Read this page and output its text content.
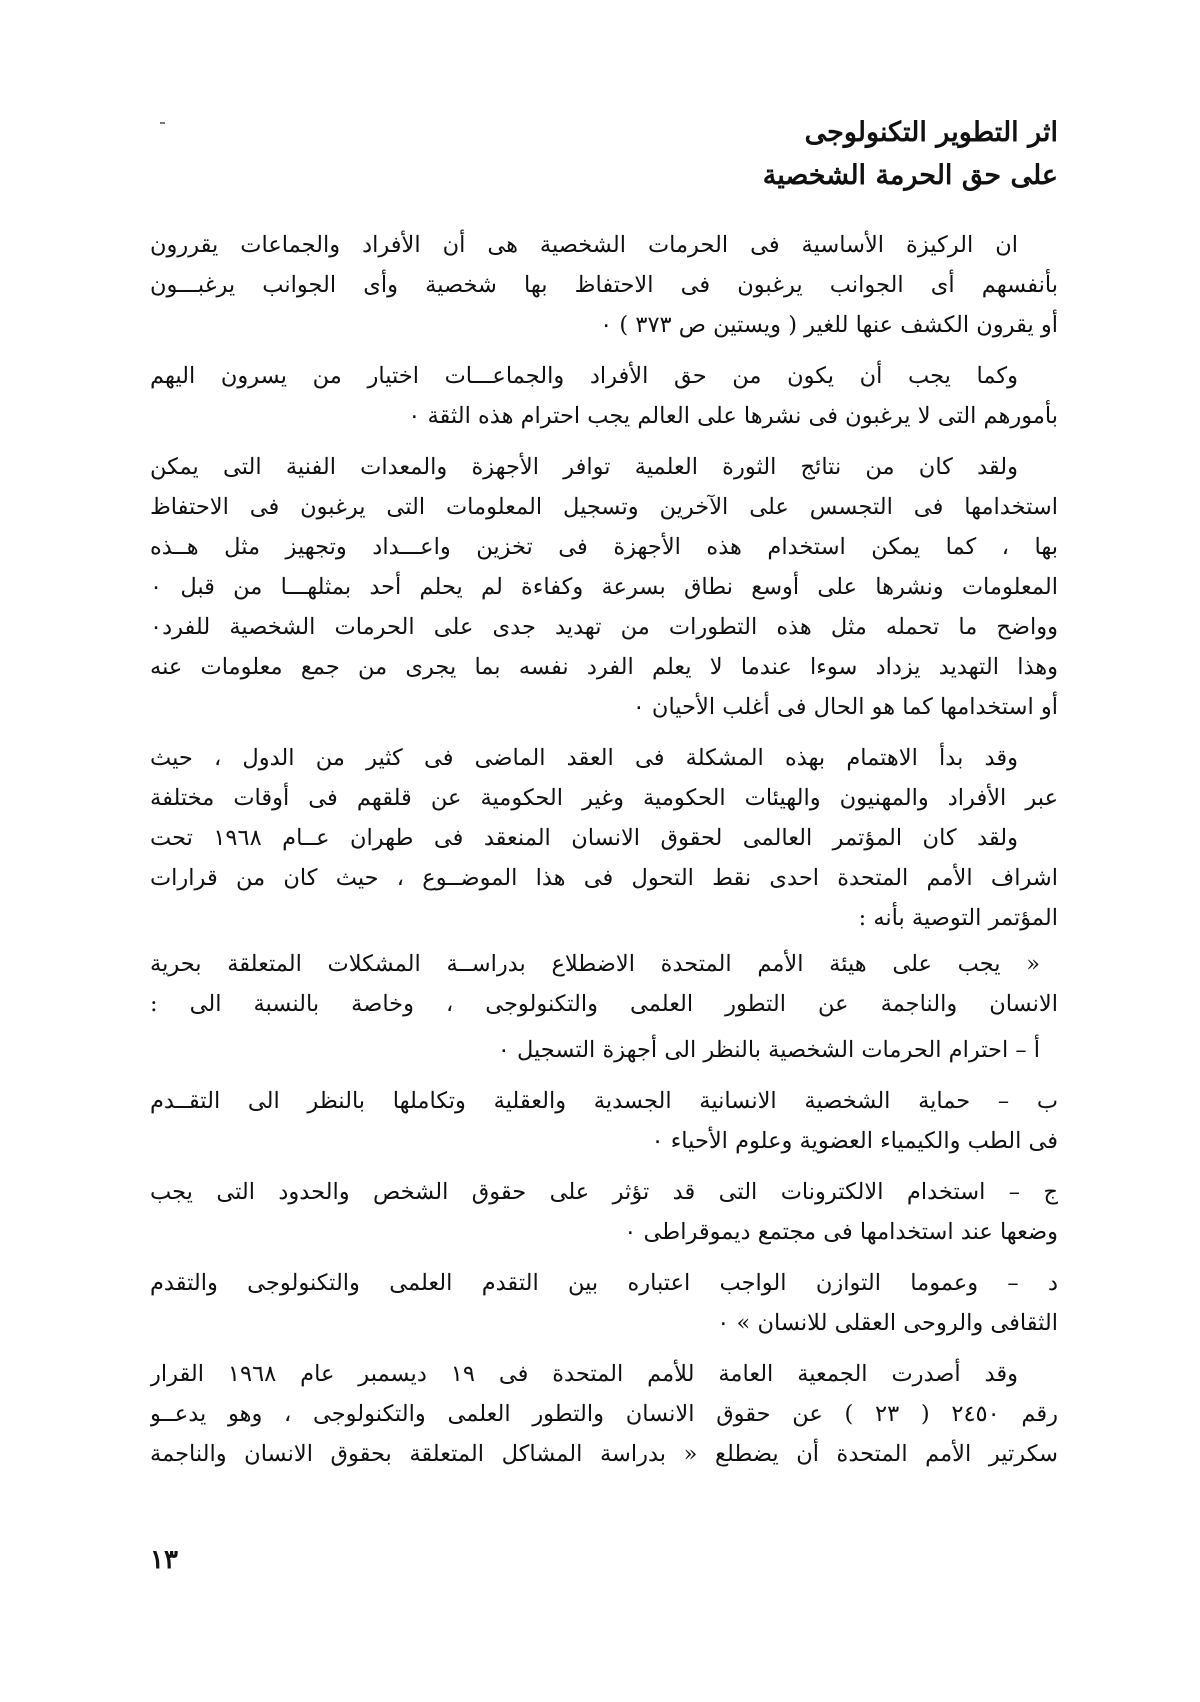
اثر التطوير التكنولوجى
على حق الحرمة الشخصية
ان الركيزة الأساسية فى الحرمات الشخصية هى أن الأفراد والجماعات يقررون
بأنفسهم أى الجوانب يرغبون فى الاحتفاظ بها شخصية وأى الجوانب يرغبـــون
أو يقرون الكشف عنها للغير ( ويستين ص ٣٧٣ ) ٠
وكما يجب أن يكون من حق الأفراد والجماعـــات اختيار من يسرون اليهم
بأمورهم التى لا يرغبون فى نشرها على العالم يجب احترام هذه الثقة ٠
ولقد كان من نتائج الثورة العلمية توافر الأجهزة والمعدات الفنية التى يمكن
استخدامها فى التجسس على الآخرين وتسجيل المعلومات التى يرغبون فى الاحتفاظ
بها ، كما يمكن استخدام هذه الأجهزة فى تخزين واعـــداد وتجهيز مثل هــذه
المعلومات ونشرها على أوسع نطاق بسرعة وكفاءة لم يحلم أحد بمثلهـــا من قبل ٠
وواضح ما تحمله مثل هذه التطورات من تهديد جدى على الحرمات الشخصية للفرد٠
وهذا التهديد يزداد سوءا عندما لا يعلم الفرد نفسه بما يجرى من جمع معلومات عنه
أو استخدامها كما هو الحال فى أغلب الأحيان ٠
وقد بدأ الاهتمام بهذه المشكلة فى العقد الماضى فى كثير من الدول ، حيث
عبر الأفراد والمهنيون والهيئات الحكومية وغير الحكومية عن قلقهم فى أوقات مختلفة
ولقد كان المؤتمر العالمى لحقوق الانسان المنعقد فى طهران عــام ١٩٦٨ تحت
اشراف الأمم المتحدة احدى نقط التحول فى هذا الموضــوع ، حيث كان من قرارات
المؤتمر التوصية بأنه :
« يجب على هيئة الأمم المتحدة الاضطلاع بدراســة المشكلات المتعلقة بحرية
الانسان والناجمة عن التطور العلمى والتكنولوجى ، وخاصة بالنسبة الى :
أ – احترام الحرمات الشخصية بالنظر الى أجهزة التسجيل ٠
ب – حماية الشخصية الانسانية الجسدية والعقلية وتكاملها بالنظر الى التقــدم
فى الطب والكيمياء العضوية وعلوم الأحياء ٠
ج – استخدام الالكترونات التى قد تؤثر على حقوق الشخص والحدود التى يجب
وضعها عند استخدامها فى مجتمع ديموقراطى ٠
د – وعموما التوازن الواجب اعتباره بين التقدم العلمى والتكنولوجى والتقدم
الثقافى والروحى العقلى للانسان » ٠
وقد أصدرت الجمعية العامة للأمم المتحدة فى ١٩ ديسمبر عام ١٩٦٨ القرار
رقم ٢٤٥٠ ( ٢٣ ) عن حقوق الانسان والتطور العلمى والتكنولوجى ، وهو يدعــو
سكرتير الأمم المتحدة أن يضطلع « بدراسة المشاكل المتعلقة بحقوق الانسان والناجمة
١٣
